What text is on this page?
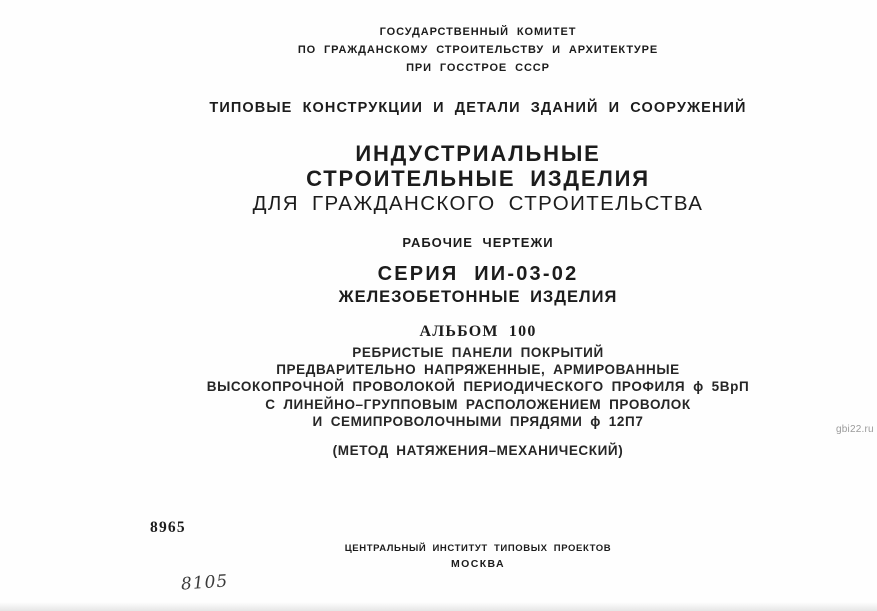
ГОСУДАРСТВЕННЫЙ КОМИТЕТ
ПО ГРАЖДАНСКОМУ СТРОИТЕЛЬСТВУ И АРХИТЕКТУРЕ
ПРИ ГОССТРОЕ СССР
ТИПОВЫЕ КОНСТРУКЦИИ И ДЕТАЛИ ЗДАНИЙ И СООРУЖЕНИЙ
ИНДУСТРИАЛЬНЫЕ
СТРОИТЕЛЬНЫЕ ИЗДЕЛИЯ
ДЛЯ ГРАЖДАНСКОГО СТРОИТЕЛЬСТВА
РАБОЧИЕ ЧЕРТЕЖИ
СЕРИЯ ИИ-03-02
ЖЕЛЕЗОБЕТОННЫЕ ИЗДЕЛИЯ
АЛЬБОМ 100
РЕБРИСТЫЕ ПАНЕЛИ ПОКРЫТИЙ
ПРЕДВАРИТЕЛЬНО НАПРЯЖЕННЫЕ, АРМИРОВАННЫЕ
ВЫСОКОПРОЧНОЙ ПРОВОЛОКОЙ ПЕРИОДИЧЕСКОГО ПРОФИЛЯ ϕ 5ВрП
С ЛИНЕЙНО–ГРУППОВЫМ РАСПОЛОЖЕНИЕМ ПРОВОЛОК
И СЕМИПРОВОЛОЧНЫМИ ПРЯДЯМИ ϕ 12П7
(МЕТОД НАТЯЖЕНИЯ–МЕХАНИЧЕСКИЙ)
ЦЕНТРАЛЬНЫЙ ИНСТИТУТ ТИПОВЫХ ПРОЕКТОВ
МОСКВА
8965
8105
gbi22.ru
